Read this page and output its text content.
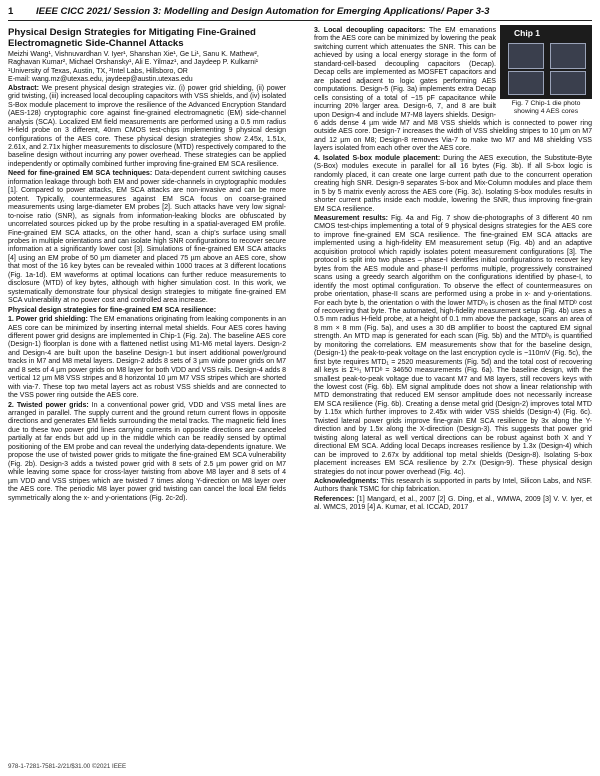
1 IEEE CICC 2021/ Session 3: Modelling and Design Automation for Emerging Applications/ Paper 3-3
Physical Design Strategies for Mitigating Fine-Grained Electromagnetic Side-Channel Attacks
Meizhi Wang¹, Vishnuvardhan V. Iyer¹, Shanshan Xie¹, Ge Li¹, Sanu K. Mathew², Raghavan Kumar², Michael Orshansky¹, Ali E. Yilmaz¹, and Jaydeep P. Kulkarni¹
¹University of Texas, Austin, TX, ²Intel Labs, Hillsboro, OR
E-mail: wang.mz@utexas.edu, jaydeep@austin.utexas.edu

Abstract: We present physical design strategies viz. (i) power grid shielding, (ii) power grid twisting, (iii) increased local decoupling capacitors with VSS shields, and (iv) isolated S-Box module placement to improve the resilience of the Advanced Encryption Standard (AES-128) cryptographic core against fine-grained electromagnetic (EM) side-channel analysis (SCA). Localized EM field measurements are performed using a 0.5 mm radius H-field probe on 3 different, 40nm CMOS test-chips implementing 9 physical design configurations of the AES core. These physical design strategies show 2.45x, 1.51x, 2.61x, and 2.71x higher measurements to disclosure (MTD) respectively compared to the baseline design without incurring any power overhead. These strategies can be applied independently or optimally combined further improving fine-grained EM SCA resilience.

Need for fine-grained EM SCA techniques: Data-dependent current switching causes information leakage through both EM and power side-channels in cryptographic modules [1]. Compared to power attacks, EM SCA attacks are non-invasive and can be more potent. Typically, countermeasures against EM SCA focus on coarse-grained measurements using large-diameter EM probes [2]. Such attacks have very low signal-to-noise ratio (SNR), as signals from information-leaking blocks are obfuscated by uncorrelated sources picked up by the probe resulting in a spatial-averaged EM profile. Fine-grained EM SCA attacks, on the other hand, scan a chip's surface using small probes in multiple orientations and can isolate high SNR configurations to recover secure information at a significantly lower cost [3]. Simulations of fine-grained EM SCA attacks [4] using an EM probe of 50 µm diameter and placed 75 µm above an AES core, show that most of the 16 key bytes can be revealed within 1000 traces at 3 different locations (Fig. 1a-1d). EM waveforms at optimal locations can further reduce measurements to disclosure (MTD) of key bytes, although with higher simulation cost. In this work, we systematically demonstrate four physical design strategies to mitigate fine-grained EM SCA vulnerability at no power cost and controlled area increase.

Physical design strategies for fine-grained EM SCA resilience:

1. Power grid shielding: The EM emanations originating from leaking components in an AES core can be minimized by inserting internal metal shields. Four AES cores having different power grid designs are implemented in Chip-1 (Fig. 2a). The baseline AES core (Design-1) floorplan is done with a flattened netlist using M1-M6 metal layers. Design-2 and Design-4 are built upon the baseline Design-1 but insert additional power/ground tracks in M7 and M8 metal layers. Design-2 adds 8 sets of 3 µm wide power grids on M7 and 8 sets of 4 µm power grids on M8 layer for both VDD and VSS rails. Design-4 adds 8 vertical 12 µm M8 VSS stripes and 8 horizontal 10 µm M7 VSS stripes which are shorted with via-7. These top two metal layers act as robust VSS shields and are connected to the VSS power ring outside the AES core.

2. Twisted power grids: In a conventional power grid, VDD and VSS metal lines are arranged in parallel. The supply current and the ground return current flows in opposite directions and generates EM fields surrounding the metal tracks. The magnetic field lines due to these two power grid lines carrying currents in opposite directions are canceled partially at far ends but add up in the middle which can be readily sensed by optimal positioning of the EM probe and can reveal the underlying data-dependents ignature. We propose the use of twisted power grids to mitigate the fine-grained EM SCA vulnerability (Fig. 2b). Design-3 adds a twisted power grid with 8 sets of 2.5 µm power grid on M7 while leaving some space for cross-layer twisting from above M8 layer and 8 sets of 4 µm VDD and VSS stripes which are twisted 7 times along Y-direction on M8 layer over the AES core. The periodic M8 layer power grid twisting can cancel the local EM fields symmetrically along the x- and y-orientations (Fig. 2c-2d).

Chip 1
Fig. 7 Chip-1 die photo showing 4 AES cores

3. Local decoupling capacitors: The EM emanations from the AES core can be minimized by lowering the peak switching current which attenuates the SNR. This can be achieved by using a local energy storage in the form of standard-cell-based decoupling capacitors (Decap). Decap cells are implemented as MOSFET capacitors and are placed adjacent to logic gates performing AES computations. Design-5 (Fig. 3a) implements extra Decap cells consisting of a total of ~15 pF capacitance while incurring 20% larger area. Design-6, 7, and 8 are built upon Design-4 and include M7-M8 layers shields. Design-6 adds dense 4 µm wide M7 and M8 VSS shields which is connected to power ring outside AES core. Design-7 increases the width of VSS shielding stripes to 10 µm on M7 and 12 µm on M8; Design-8 removes Via-7 to make two M7 and M8 shielding VSS layers isolated from each other over the AES core.

4. Isolated S-box module placement: During the AES execution, the Substitute-Byte (S-Box) modules execute in parallel for all 16 bytes (Fig. 3b). If all S-box logic is randomly placed, it can create one large current path due to the concurrent operation creating high SNR. Design-9 separates S-box and Mix-Column modules and place them in 5 by 5 matrix evenly across the AES core (Fig. 3c). Isolating S-box modules results in shorter current paths inside each module, lowering the SNR, thus improving fine-grain EM SCA resilience.

Measurement results: Fig. 4a and Fig. 7 show die-photographs of 3 different 40 nm CMOS test-chips implementing a total of 9 physical designs strategies for the AES core to improve fine-grained EM SCA resilience. The fine-grained EM SCA attacks are implemented using a high-fidelity EM measurement setup (Fig. 4b) and an adaptive acquisition protocol which rapidly isolates potent measurement configurations [3]. The protocol is split into two phases – phase-I identifies initial configurations to recover key bytes from the AES module and phase-II performs multiple, progressively constrained scans using a greedy search algorithm on the configurations identified by phase-I, to identify the most optimal configuration. To observe the effect of countermeasures on probe orientation, phase-II scans are performed using a probe in x- and y-orientations. For each byte b, the orientation o with the lower MTDᵇₒ is chosen as the final MTDᵇ cost of recovering that byte. The automated, high-fidelity measurement setup (Fig. 4b) uses a 0.5 mm radius H-field probe, at a height of 0.1 mm above the package, scans an area of 8 mm × 8 mm (Fig. 5a), and uses a 30 dB amplifier to boost the captured EM signal strength. An MTD map is generated for each scan (Fig. 5b) and the MTDᵇₒ is quantified by monitoring the correlations. EM measurements show that for the baseline design, (Design-1) the peak-to-peak voltage on the last encryption cycle is ~110mV (Fig. 5c), the first byte requires MTD₁ = 2520 measurements (Fig. 5d) and the total cost of recovering all keys is Σ¹⁶₁ MTDᵇ = 34650 measurements (Fig. 6a). The baseline design, with the smallest peak-to-peak voltage due to vacant M7 and M8 layers, still recovers keys with the lowest cost (Fig. 6b). EM signal amplitude does not show a linear relationship with MTD demonstrating that reduced EM sensor amplitude does not necessarily increase EM SCA resilience (Fig. 6b). Creating a dense metal grid (Design-2) improves total MTD by 1.15x which further improves to 2.45x with wider VSS shields (Design-4) (Fig. 6c). Twisted lateral power grids improve fine-grain EM SCA resilience by 3x along the Y-direction and by 1.5x along the X-direction (Design-3). This suggests that power grid twisting along lateral as well vertical directions can be robust against both X and Y directional EM SCA. Adding local Decaps increases resilience by 1.3x (Design-4) which can be improved to 2.67x by additional top metal shields (Design-8). Isolating S-box placement increases EM SCA resilience by 2.7x (Design-9). These physical design strategies do not incur power overhead (Fig. 4c).

Acknowledgments: This research is supported in parts by Intel, Silicon Labs, and NSF. Authors thank TSMC for chip fabrication.

References: [1] Mangard, et al., 2007 [2] G. Ding, et al., WMWA, 2009 [3] V. V. Iyer, et al. WMCS, 2019 [4] A. Kumar, et al. ICCAD, 2017

978-1-7281-7581-2/21/$31.00 ©2021 IEEE
